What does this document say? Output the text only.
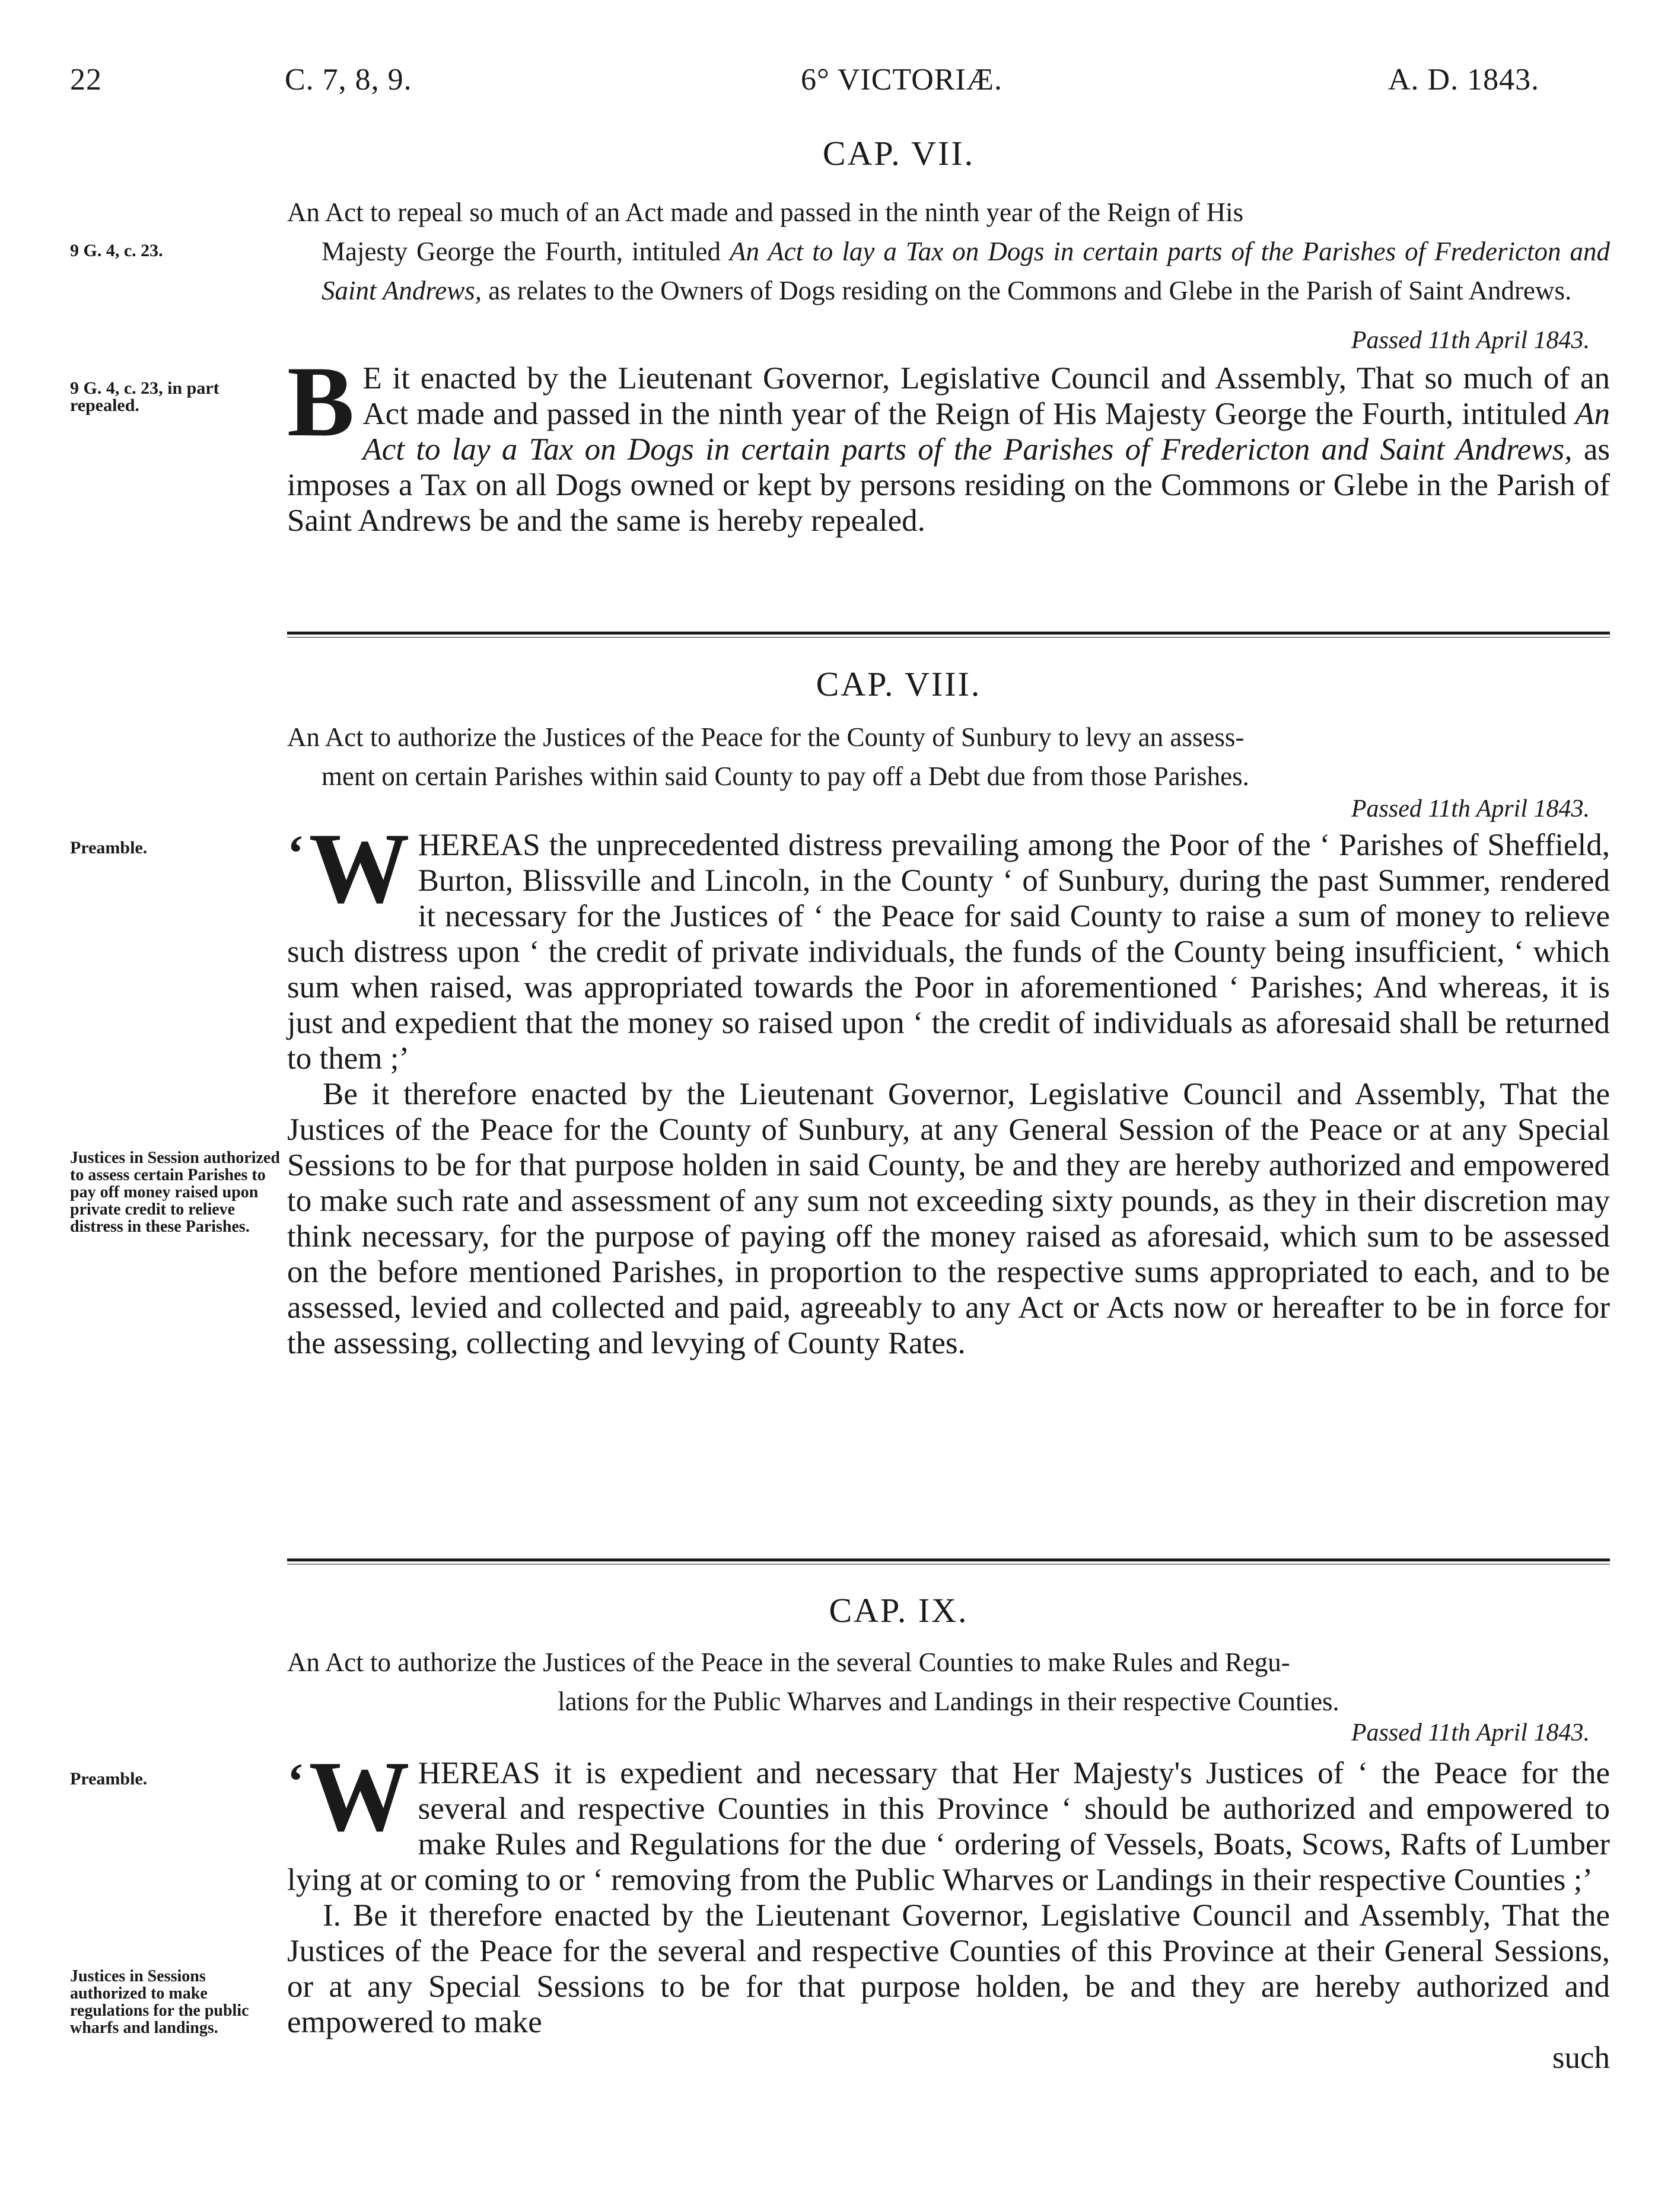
22	C. 7, 8, 9.	6° VICTORIÆ.	A. D. 1843.
CAP. VII.
An Act to repeal so much of an Act made and passed in the ninth year of the Reign of His
Majesty George the Fourth, intituled An Act to lay a Tax on Dogs in certain parts of the Parishes of Fredericton and Saint Andrews, as relates to the Owners of Dogs residing on the Commons and Glebe in the Parish of Saint Andrews.
9 G. 4, c. 23.
Passed 11th April 1843.
9 G. 4, c. 23, in part repealed.	B E it enacted by the Lieutenant Governor, Legislative Council and Assembly, That so much of an Act made and passed in the ninth year of the Reign of His Majesty George the Fourth, intituled An Act to lay a Tax on Dogs in certain parts of the Parishes of Fredericton and Saint Andrews, as imposes a Tax on all Dogs owned or kept by persons residing on the Commons or Glebe in the Parish of Saint Andrews be and the same is hereby repealed.

CAP. VIII.
An Act to authorize the Justices of the Peace for the County of Sunbury to levy an assess-
ment on certain Parishes within said County to pay off a Debt due from those Parishes.
Passed 11th April 1843.
Preamble.	‘ W HEREAS the unprecedented distress prevailing among the Poor of the ‘ Parishes of Sheffield, Burton, Blissville and Lincoln, in the County ‘ of Sunbury, during the past Summer, rendered it necessary for the Justices of ‘ the Peace for said County to raise a sum of money to relieve such distress upon ‘ the credit of private individuals, the funds of the County being insufficient, ‘ which sum when raised, was appropriated towards the Poor in aforementioned ‘ Parishes; And whereas, it is just and expedient that the money so raised upon ‘ the credit of individuals as aforesaid shall be returned to them ;’

Be it therefore enacted by the Lieutenant Governor, Legislative Council and Assembly, That the Justices of the Peace for the County of Sunbury, at any General Session of the Peace or at any Special Sessions to be for that purpose holden in said County, be and they are hereby authorized and empowered to make such rate and assessment of any sum not exceeding sixty pounds, as they in their discretion may think necessary, for the purpose of paying off the money raised as aforesaid, which sum to be assessed on the before mentioned Parishes, in proportion to the respective sums appropriated to each, and to be assessed, levied and collected and paid, agreeably to any Act or Acts now or hereafter to be in force for the assessing, collecting and levying of County Rates.

Justices in Session authorized to assess certain Parishes to pay off money raised upon private credit to relieve distress in these Parishes.
CAP. IX.
An Act to authorize the Justices of the Peace in the several Counties to make Rules and Regu-
lations for the Public Wharves and Landings in their respective Counties.
Passed 11th April 1843.
Preamble.	‘ W HEREAS it is expedient and necessary that Her Majesty's Justices of ‘ the Peace for the several and respective Counties in this Province ‘ should be authorized and empowered to make Rules and Regulations for the due ‘ ordering of Vessels, Boats, Scows, Rafts of Lumber lying at or coming to or ‘ removing from the Public Wharves or Landings in their respective Counties ;’

I. Be it therefore enacted by the Lieutenant Governor, Legislative Council and Assembly, That the Justices of the Peace for the several and respective Counties of this Province at their General Sessions, or at any Special Sessions to be for that purpose holden, be and they are hereby authorized and empowered to make

such

Justices in Sessions authorized to make regulations for the public wharfs and landings.
